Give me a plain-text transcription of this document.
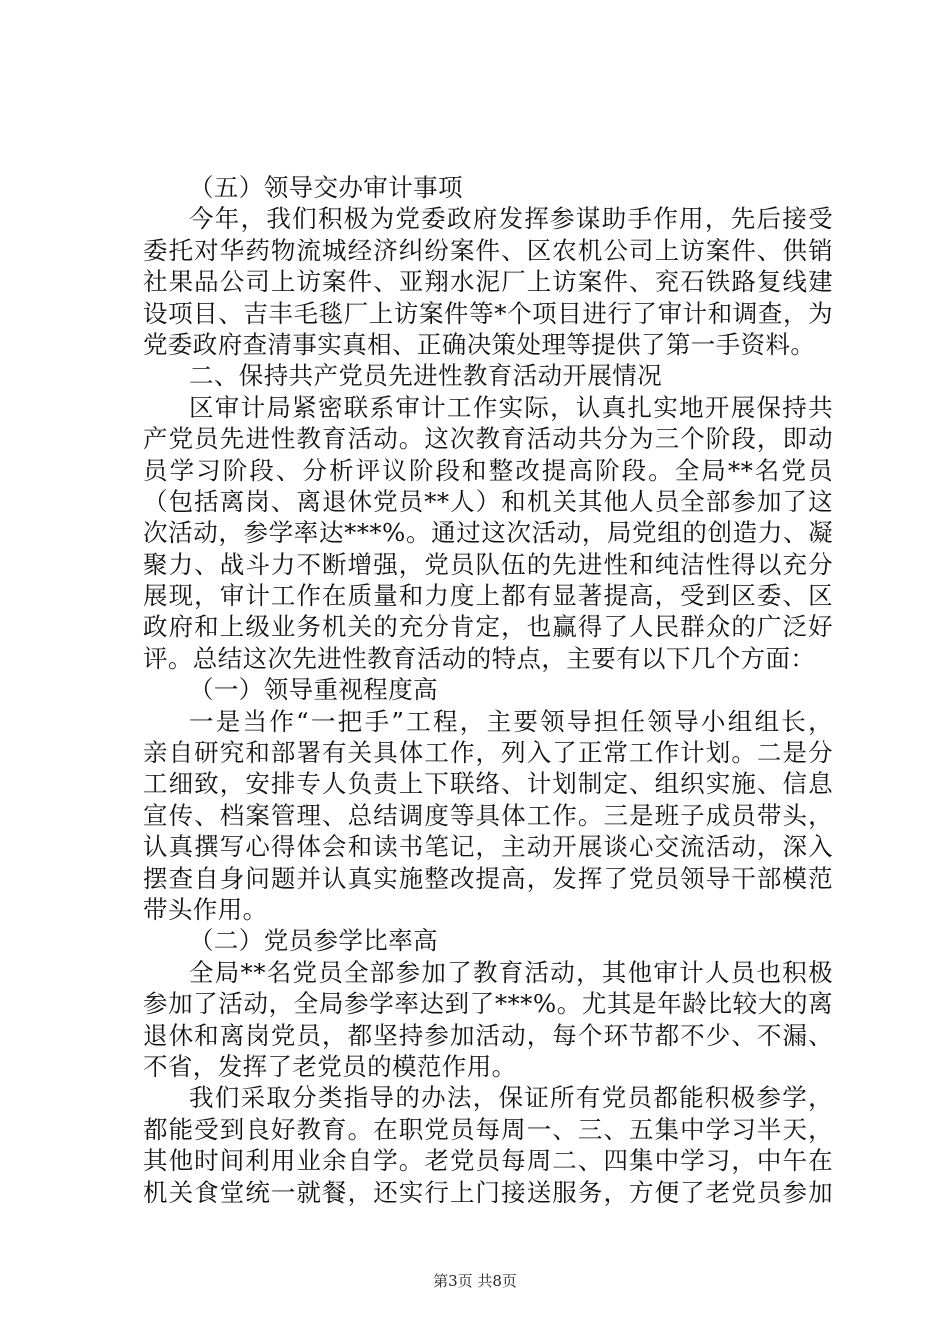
（五）领导交办审计事项
今年，我们积极为党委政府发挥参谋助手作用，先后接受
委托对华药物流城经济纠纷案件、区农机公司上访案件、供销
社果品公司上访案件、亚翔水泥厂上访案件、兖石铁路复线建
设项目、吉丰毛毯厂上访案件等*个项目进行了审计和调查，为
党委政府查清事实真相、正确决策处理等提供了第一手资料。
二、保持共产党员先进性教育活动开展情况
区审计局紧密联系审计工作实际，认真扎实地开展保持共
产党员先进性教育活动。这次教育活动共分为三个阶段，即动
员学习阶段、分析评议阶段和整改提高阶段。全局**名党员
（包括离岗、离退休党员**人）和机关其他人员全部参加了这
次活动，参学率达***%。通过这次活动，局党组的创造力、凝
聚力、战斗力不断增强，党员队伍的先进性和纯洁性得以充分
展现，审计工作在质量和力度上都有显著提高，受到区委、区
政府和上级业务机关的充分肯定，也赢得了人民群众的广泛好
评。总结这次先进性教育活动的特点，主要有以下几个方面：
（一）领导重视程度高
一是当作“一把手”工程，主要领导担任领导小组组长，
亲自研究和部署有关具体工作，列入了正常工作计划。二是分
工细致，安排专人负责上下联络、计划制定、组织实施、信息
宣传、档案管理、总结调度等具体工作。三是班子成员带头，
认真撰写心得体会和读书笔记，主动开展谈心交流活动，深入
摆查自身问题并认真实施整改提高，发挥了党员领导干部模范
带头作用。
（二）党员参学比率高
全局**名党员全部参加了教育活动，其他审计人员也积极
参加了活动，全局参学率达到了***%。尤其是年龄比较大的离
退休和离岗党员，都坚持参加活动，每个环节都不少、不漏、
不省，发挥了老党员的模范作用。
我们采取分类指导的办法，保证所有党员都能积极参学，
都能受到良好教育。在职党员每周一、三、五集中学习半天，
其他时间利用业余自学。老党员每周二、四集中学习，中午在
机关食堂统一就餐，还实行上门接送服务，方便了老党员参加
第3页 共8页
